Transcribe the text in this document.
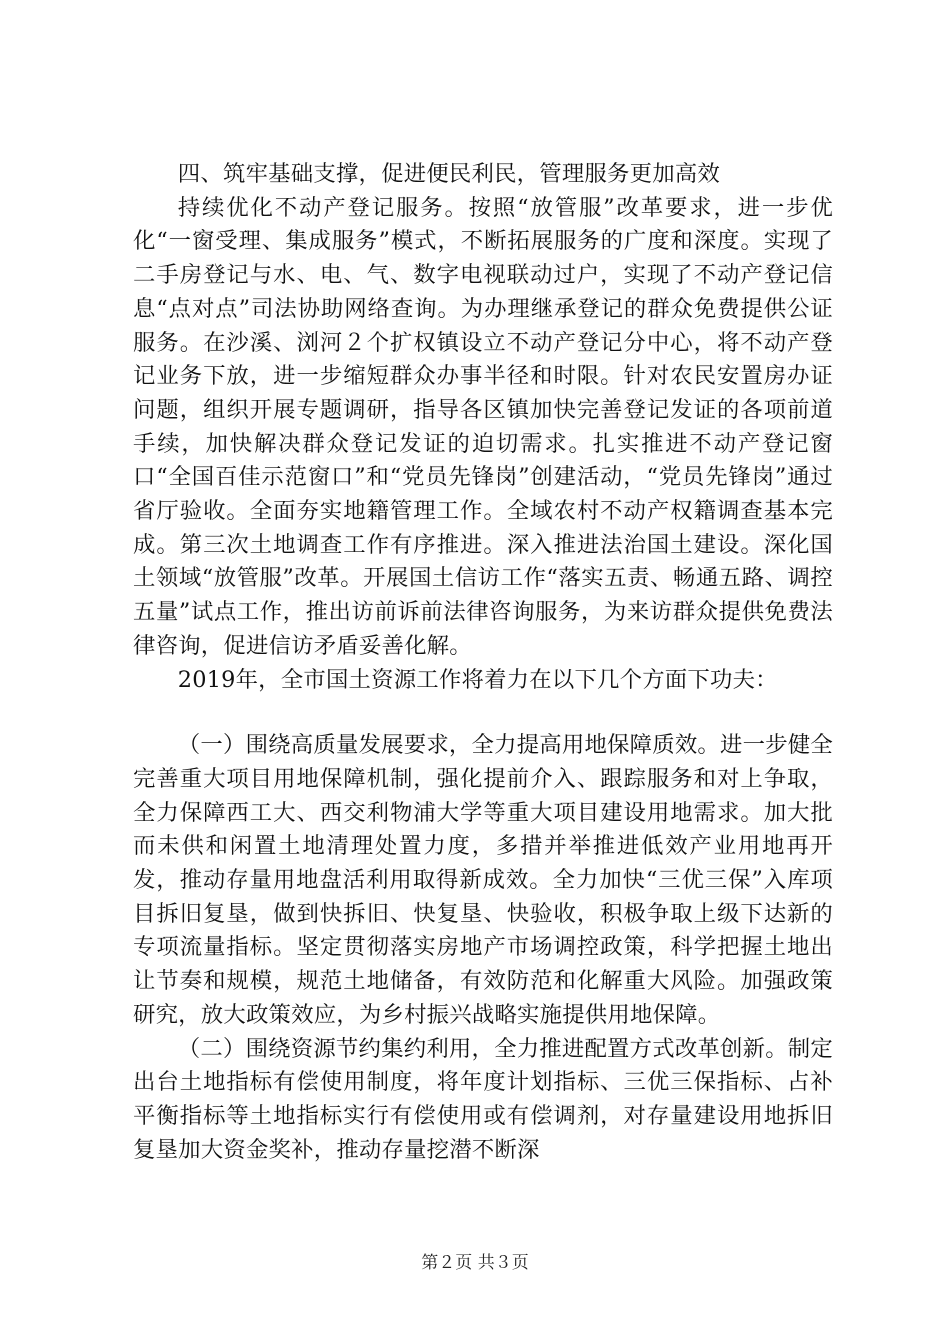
四、筑牢基础支撑，促进便民利民，管理服务更加高效

持续优化不动产登记服务。按照“放管服”改革要求，进一步优化“一窗受理、集成服务”模式，不断拓展服务的广度和深度。实现了二手房登记与水、电、气、数字电视联动过户，实现了不动产登记信息“点对点”司法协助网络查询。为办理继承登记的群众免费提供公证服务。在沙溪、浏河２个扩权镇设立不动产登记分中心，将不动产登记业务下放，进一步缩短群众办事半径和时限。针对农民安置房办证问题，组织开展专题调研，指导各区镇加快完善登记发证的各项前道手续，加快解决群众登记发证的迫切需求。扎实推进不动产登记窗口“全国百佳示范窗口”和“党员先锋岗”创建活动，“党员先锋岗”通过省厅验收。全面夯实地籍管理工作。全域农村不动产权籍调查基本完成。第三次土地调查工作有序推进。深入推进法治国土建设。深化国土领域“放管服”改革。开展国土信访工作“落实五责、畅通五路、调控五量”试点工作，推出访前诉前法律咨询服务，为来访群众提供免费法律咨询，促进信访矛盾妥善化解。

2019年，全市国土资源工作将着力在以下几个方面下功夫：

（一）围绕高质量发展要求，全力提高用地保障质效。进一步健全完善重大项目用地保障机制，强化提前介入、跟踪服务和对上争取，全力保障西工大、西交利物浦大学等重大项目建设用地需求。加大批而未供和闲置土地清理处置力度，多措并举推进低效产业用地再开发，推动存量用地盘活利用取得新成效。全力加快“三优三保”入库项目拆旧复垦，做到快拆旧、快复垦、快验收，积极争取上级下达新的专项流量指标。坚定贯彻落实房地产市场调控政策，科学把握土地出让节奏和规模，规范土地储备，有效防范和化解重大风险。加强政策研究，放大政策效应，为乡村振兴战略实施提供用地保障。

（二）围绕资源节约集约利用，全力推进配置方式改革创新。制定出台土地指标有偿使用制度，将年度计划指标、三优三保指标、占补平衡指标等土地指标实行有偿使用或有偿调剂，对存量建设用地拆旧复垦加大资金奖补，推动存量挖潜不断深

第２页 共３页
